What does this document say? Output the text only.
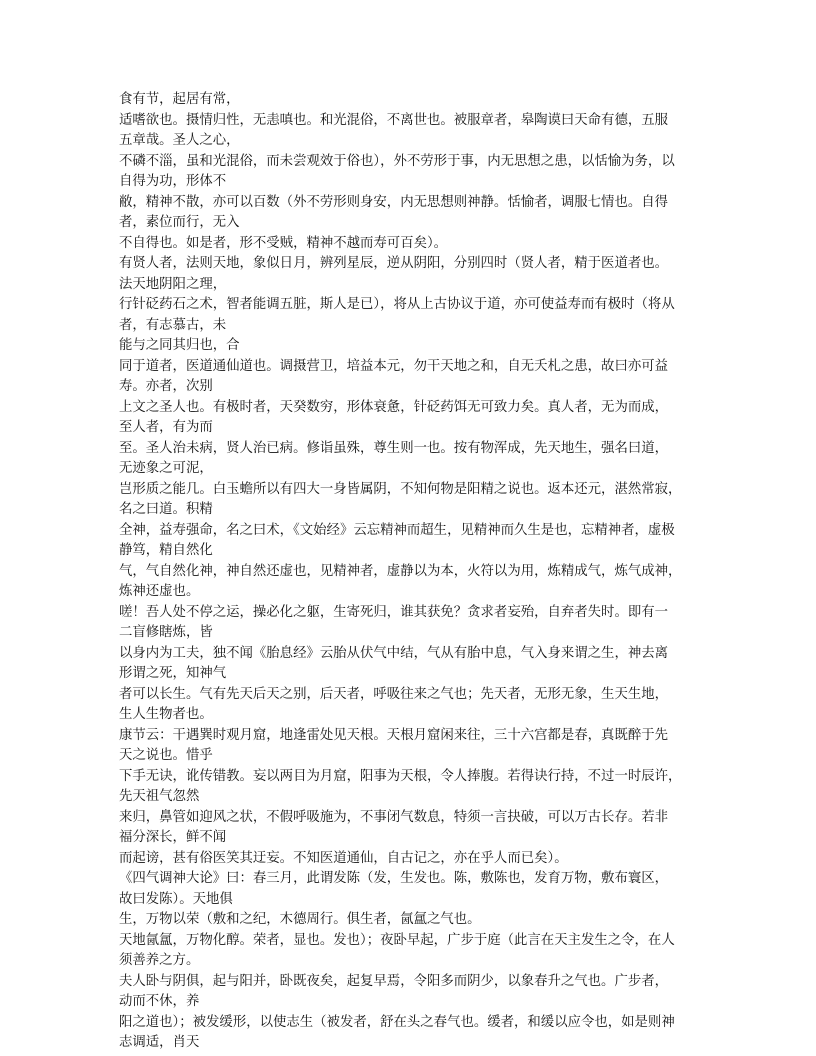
食有节，起居有常，
适嗜欲也。摄情归性，无恚嗔也。和光混俗，不离世也。被服章者，皋陶谟曰天命有德，五服
五章哉。圣人之心，
不磷不淄，虽和光混俗，而未尝观效于俗也），外不劳形于事，内无思想之患，以恬愉为务，以
自得为功，形体不
敝，精神不散，亦可以百数（外不劳形则身安，内无思想则神静。恬愉者，调服七情也。自得
者，素位而行，无入
不自得也。如是者，形不受贼，精神不越而寿可百矣）。
有贤人者，法则天地，象似日月，辨列星辰，逆从阴阳，分别四时（贤人者，精于医道者也。
法天地阴阳之理，
行针砭药石之术，智者能调五脏，斯人是已），将从上古协议于道，亦可使益寿而有极时（将从
者，有志慕古，未
能与之同其归也，合
同于道者，医道通仙道也。调摄营卫，培益本元，勿干天地之和，自无夭札之患，故曰亦可益
寿。亦者，次别
上文之圣人也。有极时者，天癸数穷，形体衰惫，针砭药饵无可致力矣。真人者，无为而成，
至人者，有为而
至。圣人治未病，贤人治已病。修诣虽殊，尊生则一也。按有物浑成，先天地生，强名曰道，
无迹象之可泥，
岂形质之能几。白玉蟾所以有四大一身皆属阴，不知何物是阳精之说也。返本还元，湛然常寂，
名之曰道。积精
全神，益寿强命，名之曰术，《文始经》云忘精神而超生，见精神而久生是也，忘精神者，虚极
静笃，精自然化
气，气自然化神，神自然还虚也，见精神者，虚静以为本，火符以为用，炼精成气，炼气成神，
炼神还虚也。
嗟！吾人处不停之运，操必化之躯，生寄死归，谁其获免？贪求者妄殆，自弃者失时。即有一
二盲修瞎炼，皆
以身内为工夫，独不闻《胎息经》云胎从伏气中结，气从有胎中息，气入身来谓之生，神去离
形谓之死，知神气
者可以长生。气有先天后天之别，后天者，呼吸往来之气也；先天者，无形无象，生天生地，
生人生物者也。
康节云：干遇巽时观月窟，地逢雷处见天根。天根月窟闲来往，三十六宫都是春，真既醉于先
天之说也。惜乎
下手无诀，讹传错教。妄以两目为月窟，阳事为天根，令人捧腹。若得诀行持，不过一时辰许，
先天祖气忽然
来归，鼻管如迎风之状，不假呼吸施为，不事闭气数息，特须一言抉破，可以万古长存。若非
福分深长，鲜不闻
而起谤，甚有俗医笑其迂妄。不知医道通仙，自古记之，亦在乎人而已矣）。
《四气调神大论》曰：春三月，此谓发陈（发，生发也。陈，敷陈也，发育万物，敷布寰区，
故曰发陈）。天地俱
生，万物以荣（敷和之纪，木德周行。俱生者，氤氲之气也。
天地氤氲，万物化醇。荣者，显也。发也）；夜卧早起，广步于庭（此言在天主发生之令，在人
须善养之方。
夫人卧与阴俱，起与阳并，卧既夜矣，起复早焉，令阳多而阴少，以象春升之气也。广步者，
动而不休，养
阳之道也）；被发缓形，以使志生（被发者，舒在头之春气也。缓者，和缓以应令也，如是则神
志调适，肖天
